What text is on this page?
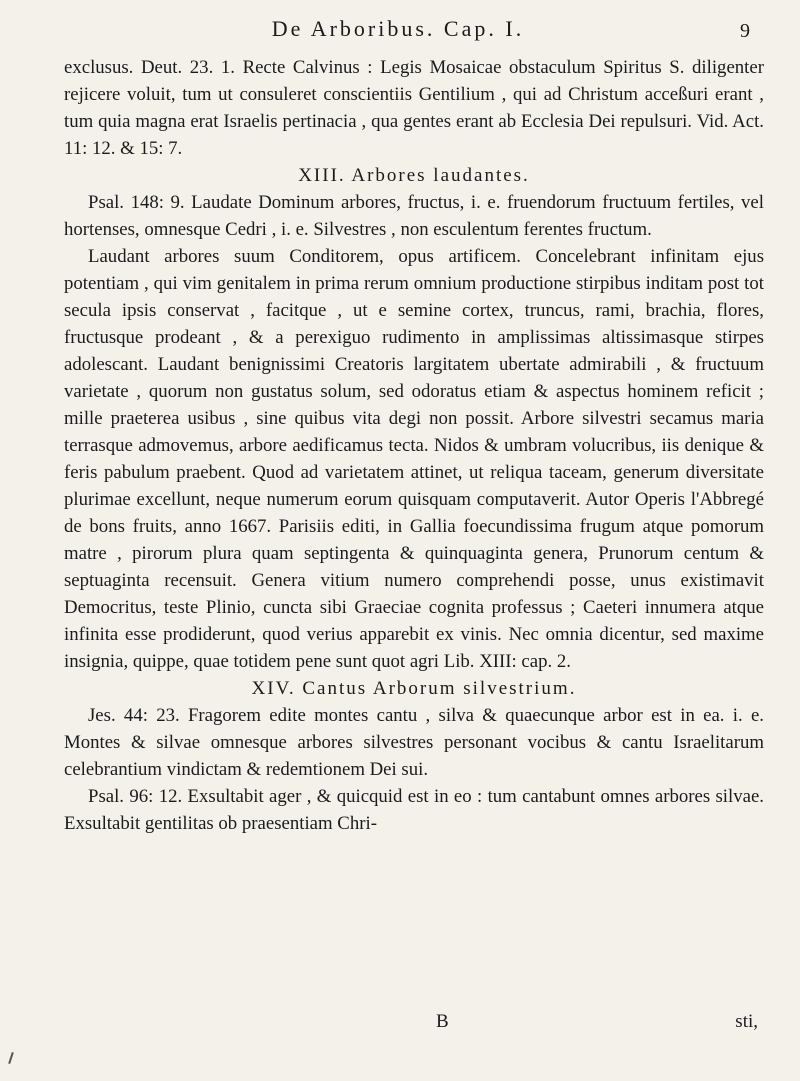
De Arboribus. Cap. I.	9

exclusus. Deut. 23. 1. Recte Calvinus : Legis Mosaicae obstaculum Spiritus S. diligenter rejicere voluit, tum ut consuleret conscientiis Gentilium , qui ad Christum acceßuri erant , tum quia magna erat Israelis pertinacia , qua gentes erant ab Ecclesia Dei repulsuri. Vid. Act. 11: 12. & 15: 7.

XIII. Arbores laudantes.

Psal. 148: 9. Laudate Dominum arbores, fructus, i. e. fruendorum fructuum fertiles, vel hortenses, omnesque Cedri , i. e. Silvestres , non esculentum ferentes fructum.

Laudant arbores suum Conditorem, opus artificem. Concelebrant infinitam ejus potentiam , qui vim genitalem in prima rerum omnium productione stirpibus inditam post tot secula ipsis conservat , facitque , ut e semine cortex, truncus, rami, brachia, flores, fructusque prodeant , & a perexiguo rudimento in amplissimas altissimasque stirpes adolescant. Laudant benignissimi Creatoris largitatem ubertate admirabili , & fructuum varietate , quorum non gustatus solum, sed odoratus etiam & aspectus hominem reficit ; mille praeterea usibus , sine quibus vita degi non possit. Arbore silvestri secamus maria terrasque admovemus, arbore aedificamus tecta. Nidos & umbram volucribus, iis denique & feris pabulum praebent. Quod ad varietatem attinet, ut reliqua taceam, generum diversitate plurimae excellunt, neque numerum eorum quisquam computaverit. Autor Operis l'Abbregé de bons fruits, anno 1667. Parisiis editi, in Gallia foecundissima frugum atque pomorum matre , pirorum plura quam septingenta & quinquaginta genera, Prunorum centum & septuaginta recensuit. Genera vitium numero comprehendi posse, unus existimavit Democritus, teste Plinio, cuncta sibi Graeciae cognita professus ; Caeteri innumera atque infinita esse prodiderunt, quod verius apparebit ex vinis. Nec omnia dicentur, sed maxime insignia, quippe, quae totidem pene sunt quot agri Lib. XIII: cap. 2.

XIV. Cantus Arborum silvestrium.

Jes. 44: 23. Fragorem edite montes cantu , silva & quaecunque arbor est in ea. i. e. Montes & silvae omnesque arbores silvestres personant vocibus & cantu Israelitarum celebrantium vindictam & redemtionem Dei sui.

Psal. 96: 12. Exsultabit ager , & quicquid est in eo : tum cantabunt omnes arbores silvae. Exsultabit gentilitas ob praesentiam Chri-

B	sti,
